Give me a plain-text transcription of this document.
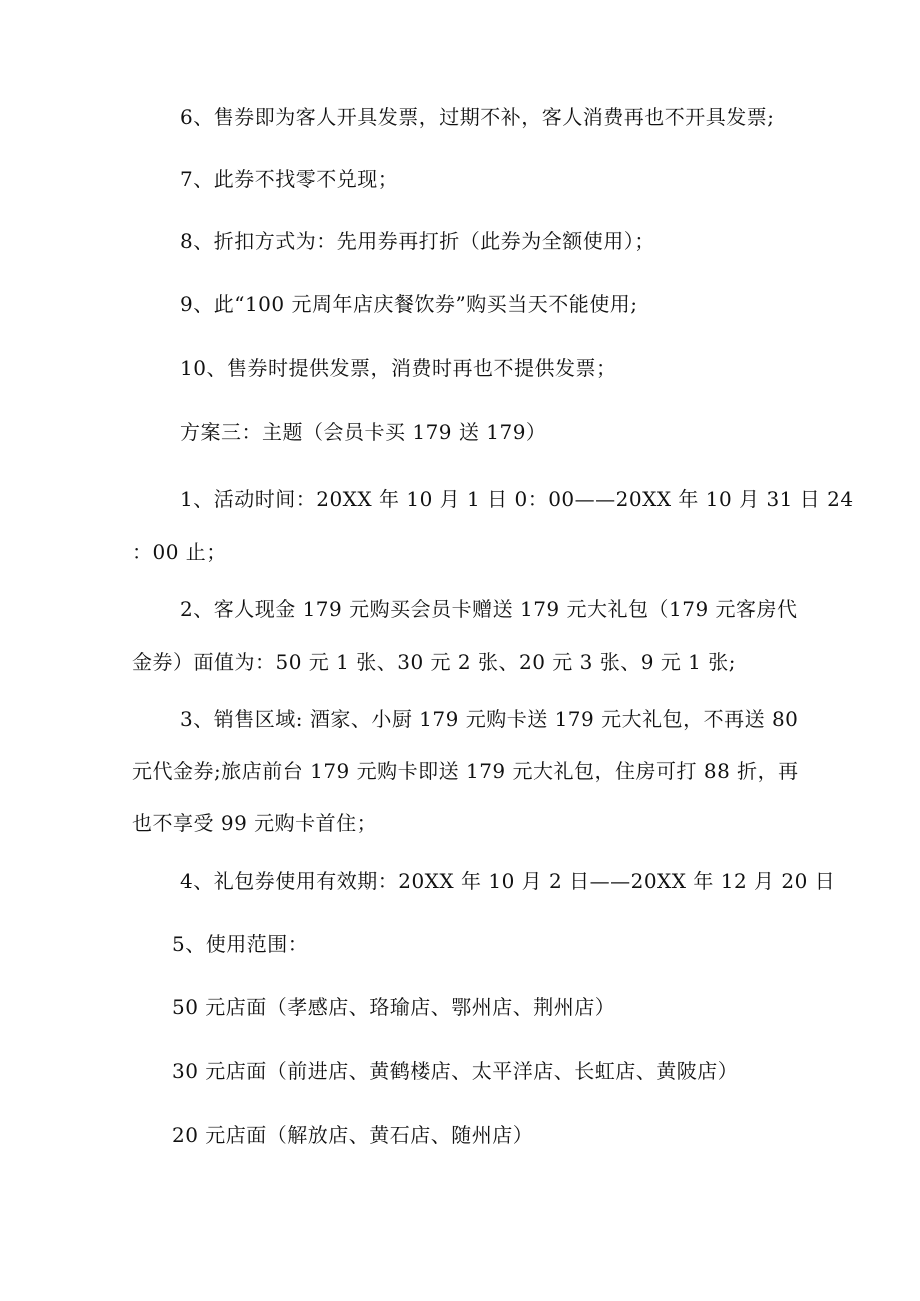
6、售券即为客人开具发票，过期不补，客人消费再也不开具发票;
7、此券不找零不兑现；
8、折扣方式为：先用券再打折（此券为全额使用）；
9、此“100 元周年店庆餐饮券”购买当天不能使用;
10、售券时提供发票，消费时再也不提供发票；
方案三：主题（会员卡买 179 送 179）
1、活动时间：20XX 年 10 月 1 日 0：00——20XX 年 10 月 31 日 24
：00 止；
2、客人现金 179 元购买会员卡赠送 179 元大礼包（179 元客房代
金券）面值为：50 元 1 张、30 元 2 张、20 元 3 张、9 元 1 张;
3、销售区域: 酒家、小厨 179 元购卡送 179 元大礼包，不再送 80
元代金券;旅店前台 179 元购卡即送 179 元大礼包，住房可打 88 折，再
也不享受 99 元购卡首住；
4、礼包券使用有效期：20XX 年 10 月 2 日——20XX 年 12 月 20 日
5、使用范围：
50 元店面（孝感店、珞瑜店、鄂州店、荆州店）
30 元店面（前进店、黄鹤楼店、太平洋店、长虹店、黄陂店）
20 元店面（解放店、黄石店、随州店）
